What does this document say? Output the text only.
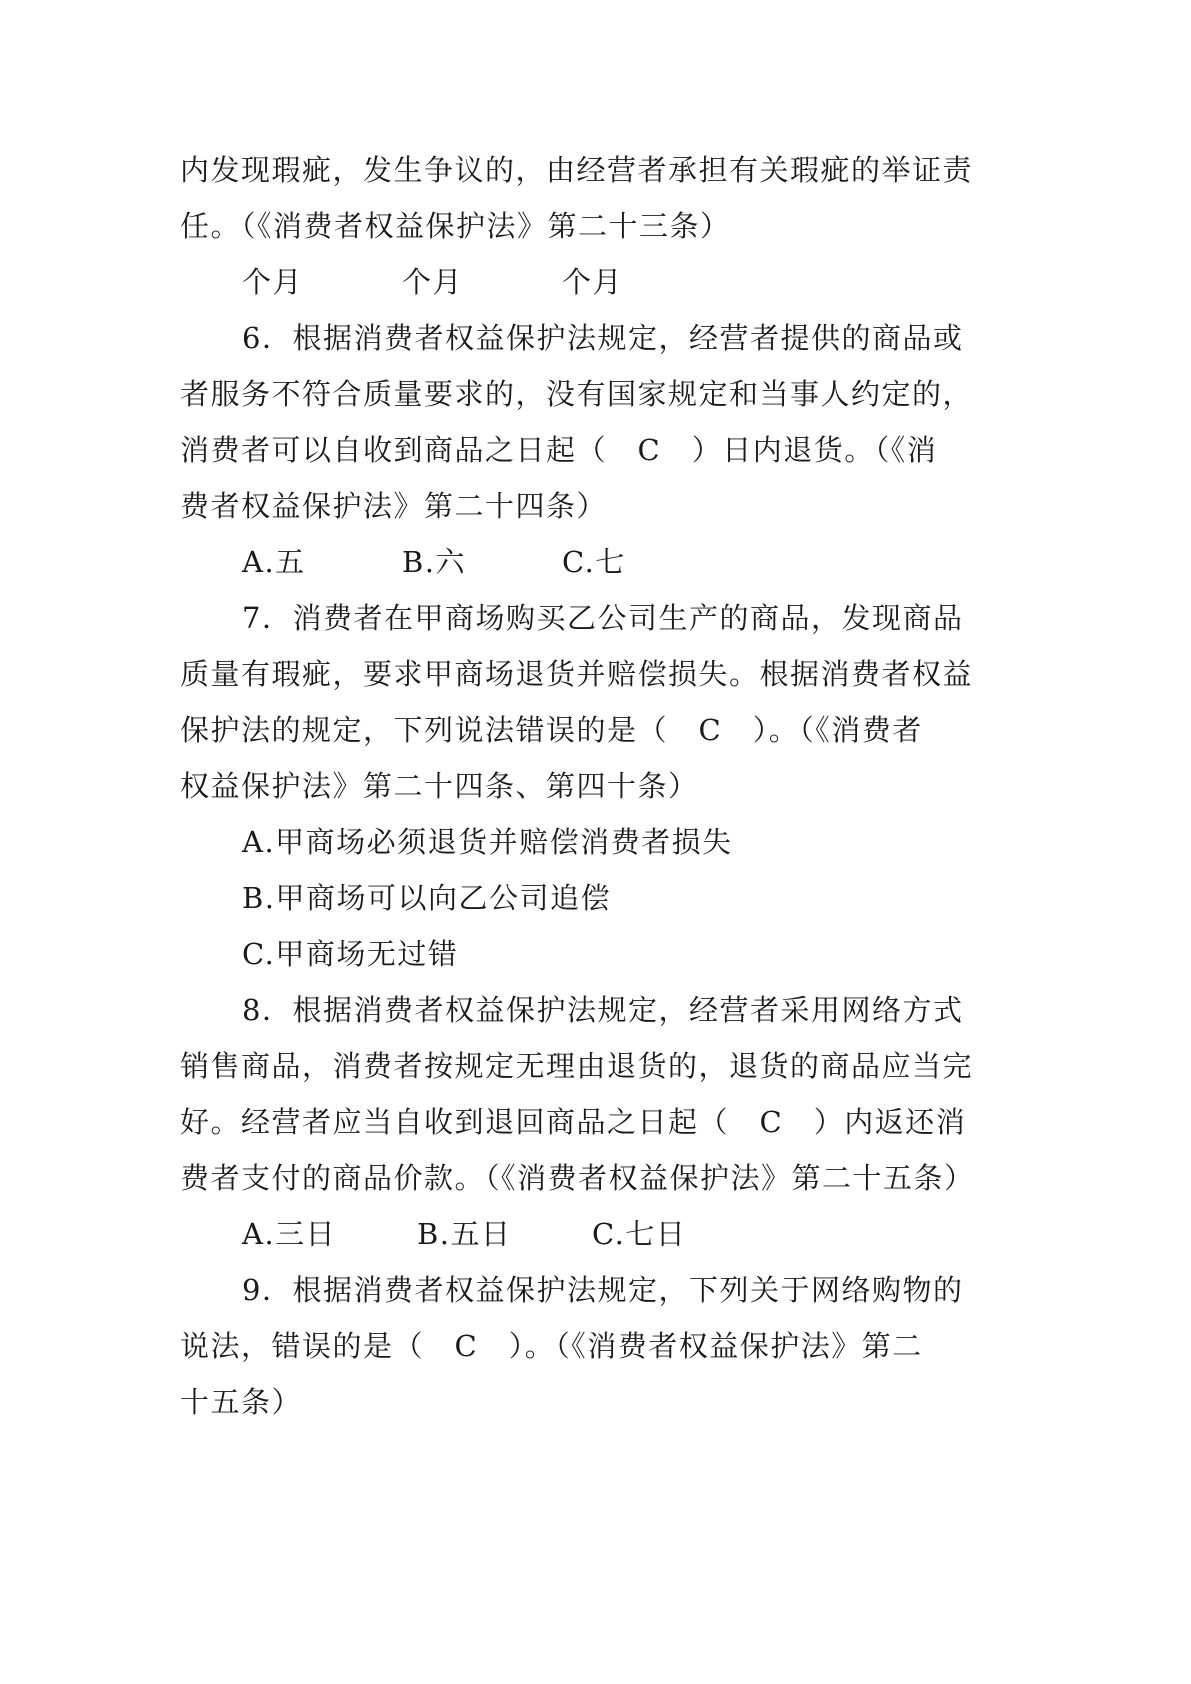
内发现瑕疵，发生争议的，由经营者承担有关瑕疵的举证责
任。（《消费者权益保护法》第二十三条）
个月	个月	个月
6．根据消费者权益保护法规定，经营者提供的商品或
者服务不符合质量要求的，没有国家规定和当事人约定的，
消费者可以自收到商品之日起（　C　）日内退货。（《消
费者权益保护法》第二十四条）
A.五	B.六	C.七
7．消费者在甲商场购买乙公司生产的商品，发现商品
质量有瑕疵，要求甲商场退货并赔偿损失。根据消费者权益
保护法的规定，下列说法错误的是（　C　）。（《消费者
权益保护法》第二十四条、第四十条）
A.甲商场必须退货并赔偿消费者损失
B.甲商场可以向乙公司追偿
C.甲商场无过错
8．根据消费者权益保护法规定，经营者采用网络方式
销售商品，消费者按规定无理由退货的，退货的商品应当完
好。经营者应当自收到退回商品之日起（　C　）内返还消
费者支付的商品价款。（《消费者权益保护法》第二十五条）
A.三日	B.五日	C.七日
9．根据消费者权益保护法规定，下列关于网络购物的
说法，错误的是（　C　）。（《消费者权益保护法》第二
十五条）
